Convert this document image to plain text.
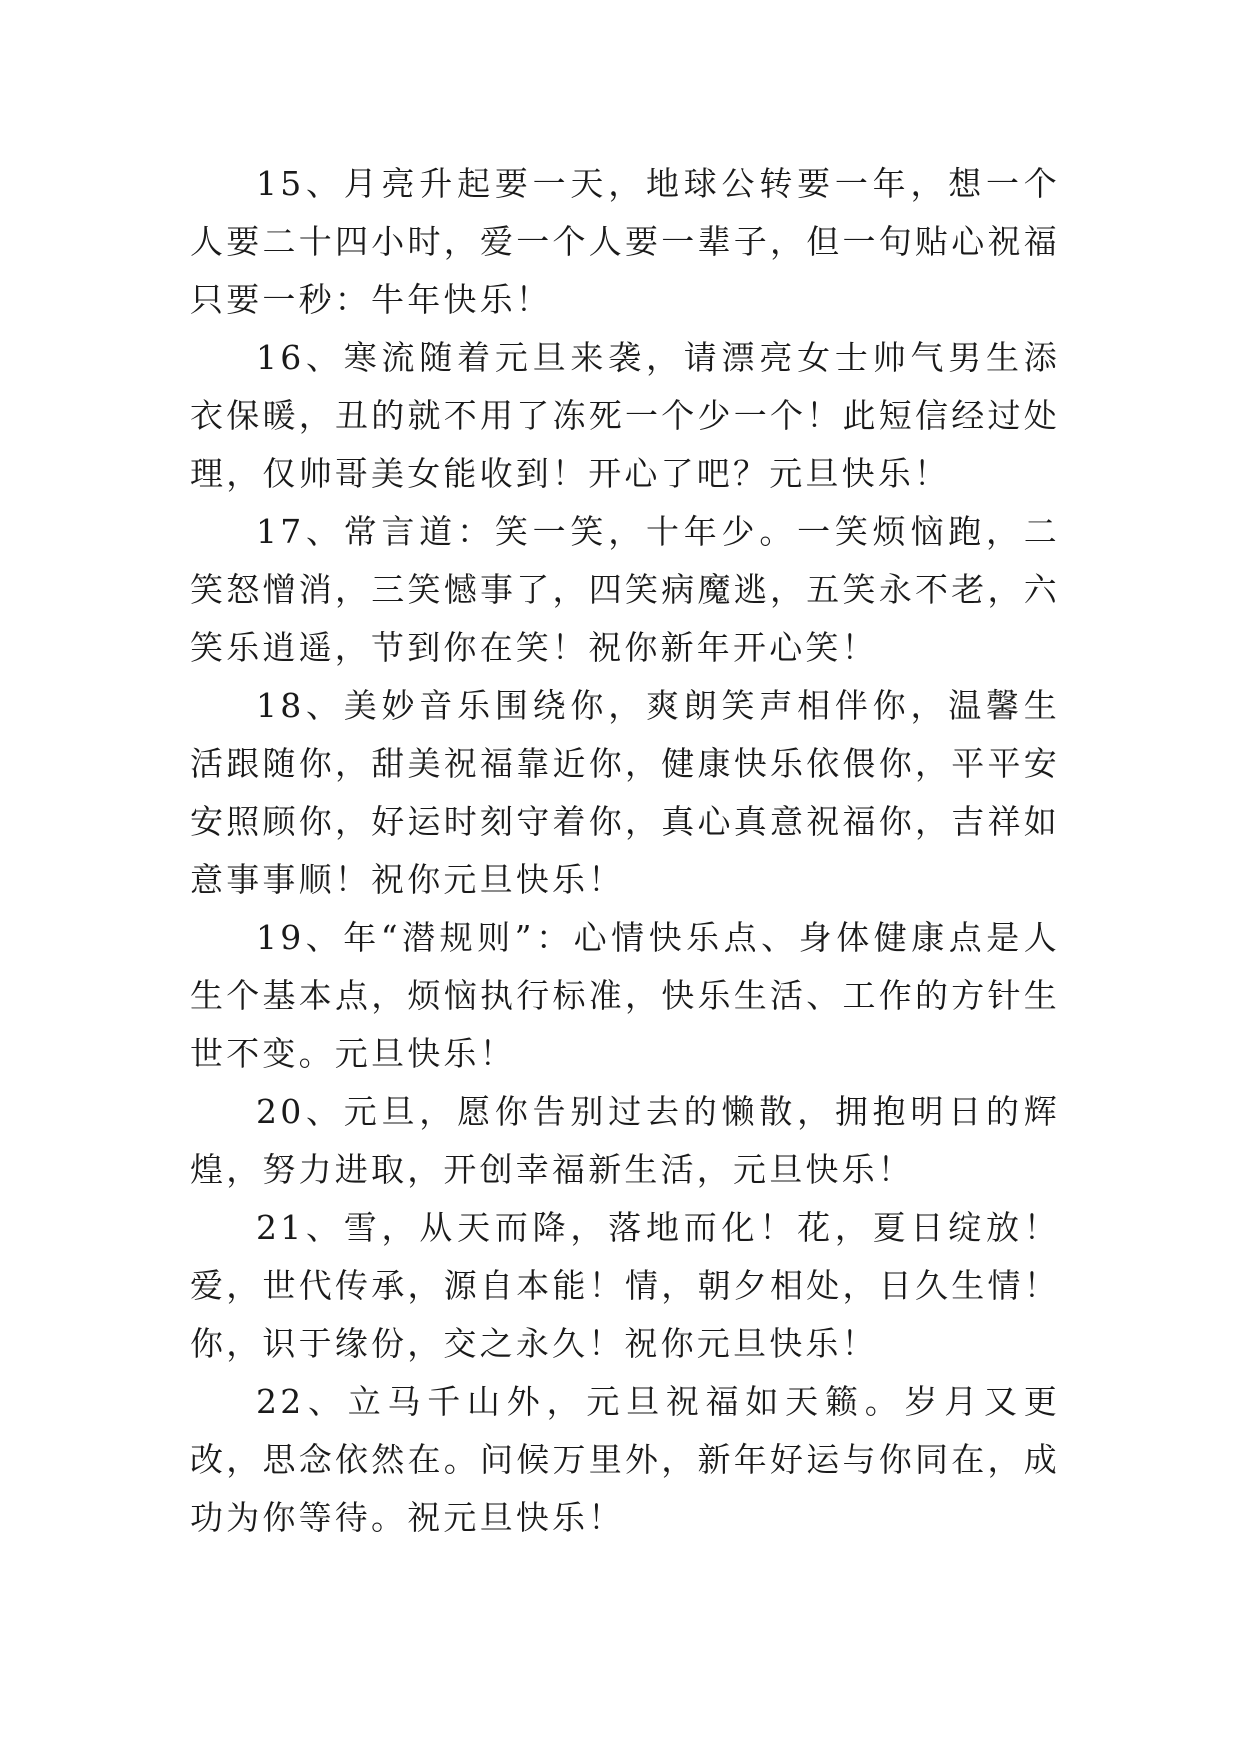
15、月亮升起要一天，地球公转要一年，想一个人要二十四小时，爱一个人要一辈子，但一句贴心祝福只要一秒：牛年快乐！

16、寒流随着元旦来袭，请漂亮女士帅气男生添衣保暖，丑的就不用了冻死一个少一个！此短信经过处理，仅帅哥美女能收到！开心了吧？元旦快乐！

17、常言道：笑一笑，十年少。一笑烦恼跑，二笑怒憎消，三笑憾事了，四笑病魔逃，五笑永不老，六笑乐逍遥，节到你在笑！祝你新年开心笑！

18、美妙音乐围绕你，爽朗笑声相伴你，温馨生活跟随你，甜美祝福靠近你，健康快乐依偎你，平平安安照顾你，好运时刻守着你，真心真意祝福你，吉祥如意事事顺！祝你元旦快乐！

19、年“潜规则”：心情快乐点、身体健康点是人生个基本点，烦恼执行标准，快乐生活、工作的方针生世不变。元旦快乐！

20、元旦，愿你告别过去的懒散，拥抱明日的辉煌，努力进取，开创幸福新生活，元旦快乐！

21、雪，从天而降，落地而化！花，夏日绽放！爱，世代传承，源自本能！情，朝夕相处，日久生情！你，识于缘份，交之永久！祝你元旦快乐！

22、立马千山外，元旦祝福如天籁。岁月又更改，思念依然在。问候万里外，新年好运与你同在，成功为你等待。祝元旦快乐！
